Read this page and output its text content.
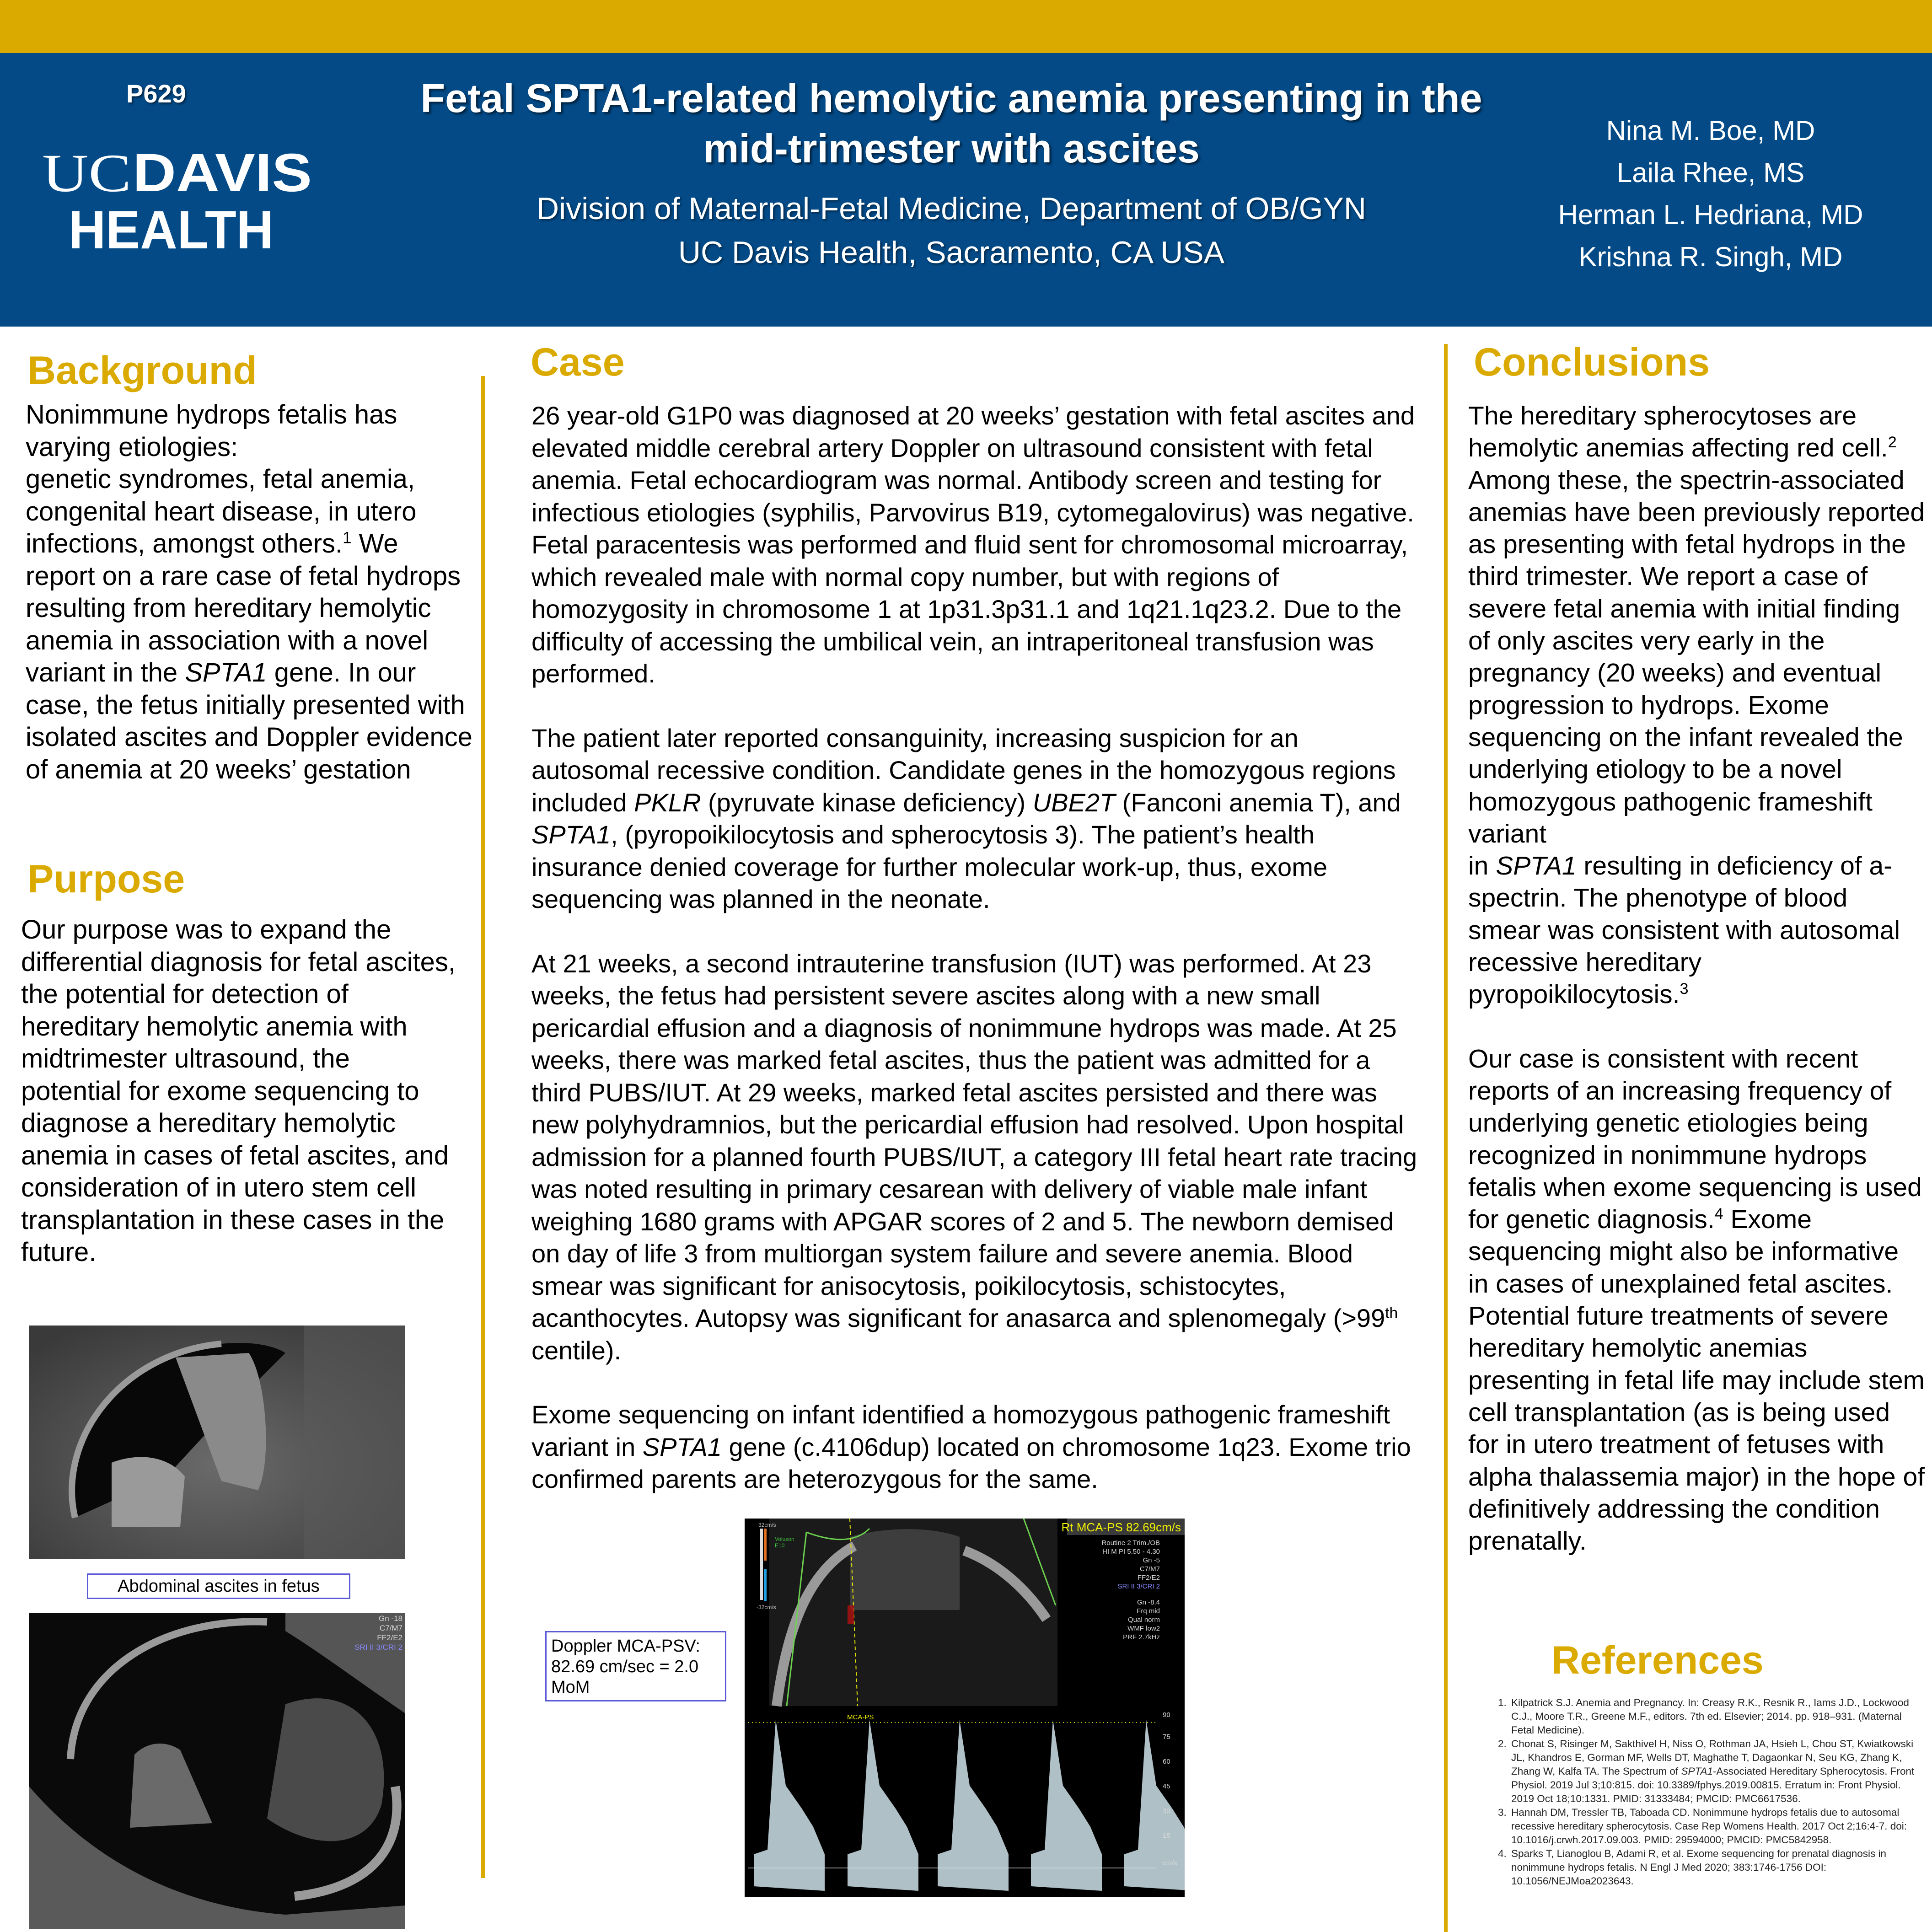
P629
UC DAVIS
HEALTH
Fetal SPTA1-related hemolytic anemia presenting in the
mid-trimester with ascites
Division of Maternal-Fetal Medicine, Department of OB/GYN
UC Davis Health, Sacramento, CA USA
Nina M. Boe, MD
Laila Rhee, MS
Herman L. Hedriana, MD
Krishna R. Singh, MD
Background
Nonimmune hydrops fetalis has varying etiologies:
genetic syndromes, fetal anemia, congenital heart disease, in utero infections, amongst others.$^1$ We report on a rare case of fetal hydrops resulting from hereditary hemolytic anemia in association with a novel variant in the SPTA1 gene. In our case, the fetus initially presented with isolated ascites and Doppler evidence of anemia at 20 weeks’ gestation
Purpose
Our purpose was to expand the differential diagnosis for fetal ascites, the potential for detection of hereditary hemolytic anemia with midtrimester ultrasound, the potential for exome sequencing to diagnose a hereditary hemolytic anemia in cases of fetal ascites, and consideration of in utero stem cell transplantation in these cases in the future.
Abdominal ascites in fetus
Gn -18
C7/M7
FF2/E2
SRI II 3/CRI 2
Case

26 year-old G1P0 was diagnosed at 20 weeks’ gestation with fetal ascites and elevated middle cerebral artery Doppler on ultrasound consistent with fetal anemia. Fetal echocardiogram was normal. Antibody screen and testing for infectious etiologies (syphilis, Parvovirus B19, cytomegalovirus) was negative. Fetal paracentesis was performed and fluid sent for chromosomal microarray, which revealed male with normal copy number, but with regions of homozygosity in chromosome 1 at 1p31.3p31.1 and 1q21.1q23.2. Due to the difficulty of accessing the umbilical vein, an intraperitoneal transfusion was performed.

The patient later reported consanguinity, increasing suspicion for an autosomal recessive condition. Candidate genes in the homozygous regions included PKLR (pyruvate kinase deficiency) UBE2T (Fanconi anemia T), and SPTA1, (pyropoikilocytosis and spherocytosis 3). The patient’s health insurance denied coverage for further molecular work-up, thus, exome sequencing was planned in the neonate.

At 21 weeks, a second intrauterine transfusion (IUT) was performed. At 23 weeks, the fetus had persistent severe ascites along with a new small pericardial effusion and a diagnosis of nonimmune hydrops was made. At 25 weeks, there was marked fetal ascites, thus the patient was admitted for a third PUBS/IUT. At 29 weeks, marked fetal ascites persisted and there was new polyhydramnios, but the pericardial effusion had resolved. Upon hospital admission for a planned fourth PUBS/IUT, a category III fetal heart rate tracing was noted resulting in primary cesarean with delivery of viable male infant weighing 1680 grams with APGAR scores of 2 and 5. The newborn demised on day of life 3 from multiorgan system failure and severe anemia. Blood smear was significant for anisocytosis, poikilocytosis, schistocytes, acanthocytes. Autopsy was significant for anasarca and splenomegaly (>99th centile).

Exome sequencing on infant identified a homozygous pathogenic frameshift variant in SPTA1 gene (c.4106dup) located on chromosome 1q23. Exome trio confirmed parents are heterozygous for the same.

Doppler MCA-PSV:
82.69 cm/sec = 2.0
MoM
32cm/s
-32cm/s
Voluson
E10
Rt MCA-PS 82.69cm/s
Routine 2 Trim./OB
HI M PI 5.50 - 4.30
Gn -5
C7/M7
FF2/E2
SRI II 3/CRI 2
Gn -8.4
Frq mid
Qual norm
WMF low2
PRF 2.7kHz
MCA-PS	90
75
60
45
30
15
cm/s
Conclusions

The hereditary spherocytoses are hemolytic anemias affecting red cell.$^2$ Among these, the spectrin-associated anemias have been previously reported as presenting with fetal hydrops in the third trimester. We report a case of severe fetal anemia with initial finding of only ascites very early in the pregnancy (20 weeks) and eventual progression to hydrops. Exome sequencing on the infant revealed the underlying etiology to be a novel homozygous pathogenic frameshift variant
in SPTA1 resulting in deficiency of a-spectrin. The phenotype of blood smear was consistent with autosomal recessive hereditary pyropoikilocytosis.$^3$

Our case is consistent with recent reports of an increasing frequency of underlying genetic etiologies being recognized in nonimmune hydrops fetalis when exome sequencing is used for genetic diagnosis.$^4$ Exome sequencing might also be informative in cases of unexplained fetal ascites. Potential future treatments of severe hereditary hemolytic anemias presenting in fetal life may include stem cell transplantation (as is being used for in utero treatment of fetuses with alpha thalassemia major) in the hope of definitively addressing the condition prenatally.

References
1. Kilpatrick S.J. Anemia and Pregnancy. In: Creasy R.K., Resnik R., Iams J.D., Lockwood C.J., Moore T.R., Greene M.F., editors. 7th ed. Elsevier; 2014. pp. 918–931. (Maternal Fetal Medicine).
2. Chonat S, Risinger M, Sakthivel H, Niss O, Rothman JA, Hsieh L, Chou ST, Kwiatkowski JL, Khandros E, Gorman MF, Wells DT, Maghathe T, Dagaonkar N, Seu KG, Zhang K, Zhang W, Kalfa TA. The Spectrum of SPTA1-Associated Hereditary Spherocytosis. Front Physiol. 2019 Jul 3;10:815. doi: 10.3389/fphys.2019.00815. Erratum in: Front Physiol. 2019 Oct 18;10:1331. PMID: 31333484; PMCID: PMC6617536.
3. Hannah DM, Tressler TB, Taboada CD. Nonimmune hydrops fetalis due to autosomal recessive hereditary spherocytosis. Case Rep Womens Health. 2017 Oct 2;16:4-7. doi: 10.1016/j.crwh.2017.09.003. PMID: 29594000; PMCID: PMC5842958.
4. Sparks T, Lianoglou B, Adami R, et al. Exome sequencing for prenatal diagnosis in nonimmune hydrops fetalis. N Engl J Med 2020; 383:1746-1756 DOI: 10.1056/NEJMoa2023643.
